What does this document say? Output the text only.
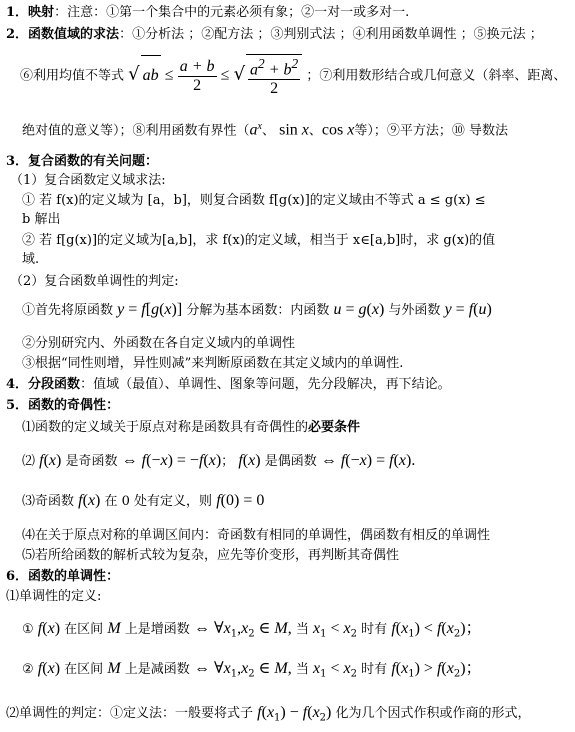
1．映射：注意：①第一个集合中的元素必须有象；②一对一或多对一.
2．函数值域的求法：①分析法 ；②配方法 ；③判别式法 ；④利用函数单调性 ；⑤换元法 ；
⑥利用均值不等式 √ ab ≤ $\frac{a + b}{2}$ ≤ √ $\frac{a^2 + b^2}{2}$ ；⑦利用数形结合或几何意义（斜率、距离、
绝对值的意义等）；⑧利用函数有界性（$a^x$、 sin x、cos x等）；⑨平方法；⑩ 导数法
3．复合函数的有关问题：
（1）复合函数定义域求法:
① 若 f(x)的定义域为 [a，b]，则复合函数 f[g(x)]的定义域由不等式 a ≤ g(x) ≤
b 解出
② 若 f[g(x)]的定义域为[a,b]，求 f(x)的定义域，相当于 x∈[a,b]时，求 g(x)的值
域.
（2）复合函数单调性的判定:
①首先将原函数 y = f[g(x)] 分解为基本函数：内函数 u = g(x) 与外函数 y = f(u)
②分别研究内、外函数在各自定义域内的单调性
③根据“同性则增，异性则减”来判断原函数在其定义域内的单调性.
4．分段函数：值域（最值）、单调性、图象等问题，先分段解决，再下结论。
5．函数的奇偶性：
⑴函数的定义域关于原点对称是函数具有奇偶性的必要条件
⑵ f(x) 是奇函数 ⇔ f(−x) = −f(x)； f(x) 是偶函数 ⇔ f(−x) = f(x).
⑶奇函数 f(x) 在 0 处有定义，则 f(0) = 0
⑷在关于原点对称的单调区间内：奇函数有相同的单调性，偶函数有相反的单调性
⑸若所给函数的解析式较为复杂，应先等价变形，再判断其奇偶性
6．函数的单调性：
⑴单调性的定义:
① f(x) 在区间 M 上是增函数 ⇔ $\forall x_1,x_2$ ∈ M, 当 $x_1 < x_2$ 时有 $f(x_1) < f(x_2)$；
② f(x) 在区间 M 上是减函数 ⇔ $\forall x_1,x_2$ ∈ M, 当 $x_1 < x_2$ 时有 $f(x_1) > f(x_2)$；
⑵单调性的判定：①定义法：一般要将式子 $f(x_1) - f(x_2)$ 化为几个因式作积或作商的形式，
